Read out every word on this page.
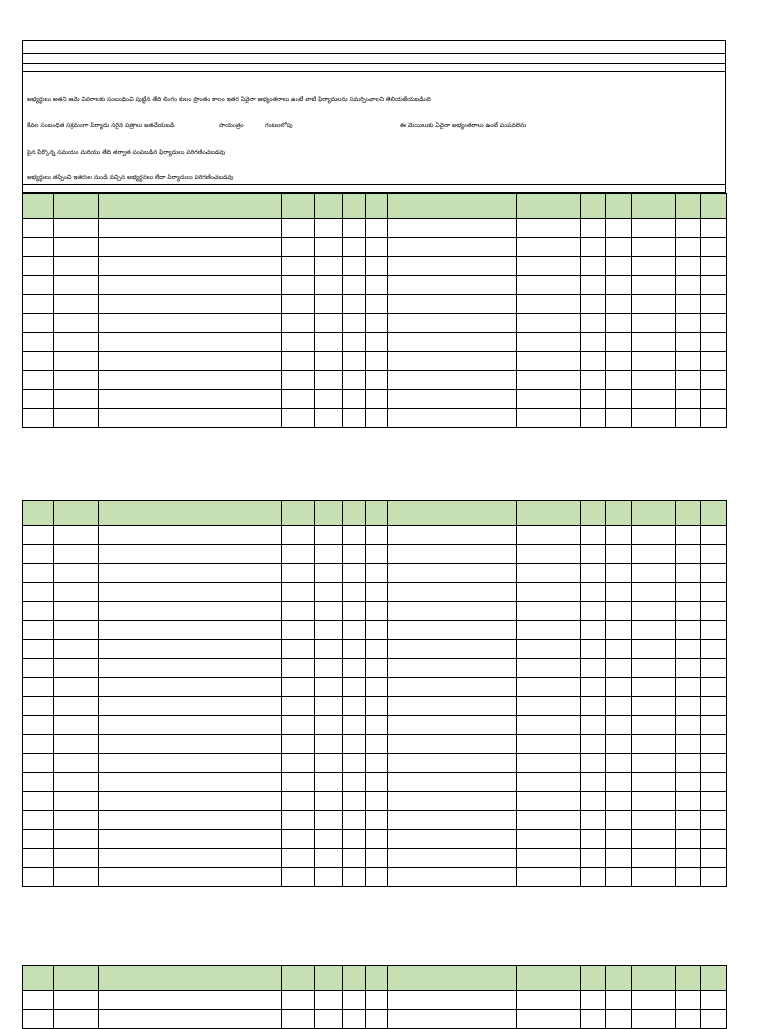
అభ్యర్థులు అతని ఆమె వివరాలకు సంబంధించి పుట్టిన తేది లింగం కులం ప్రాంతం కాలం ఇతర ఏవైనా అభ్యంతరాలు ఉంటే వాటి ఫిర్యాదులను సమర్పించాలని తెలియజేయబడింది
కేవల సంబంధిత సక్రమంగా పిర్యాదు సరైన పత్రాలు జతచేయబడి	సాయంత్రం	గంటలలోపు	ఈ మెయిలుకు ఏవైనా అభ్యంతరాలు ఉంటే పంపవలెను
పైన పేర్కొన్న సమయం మరియు తేది తర్వాత పంపబడిన ఫిర్యాదులు పరిగణించబడవు
అభ్యర్థులు తప్పించి ఇతరుల నుండి వచ్చిన అభ్యర్థనలు లేదా పిర్యాదులు పరిగణించబడవు
